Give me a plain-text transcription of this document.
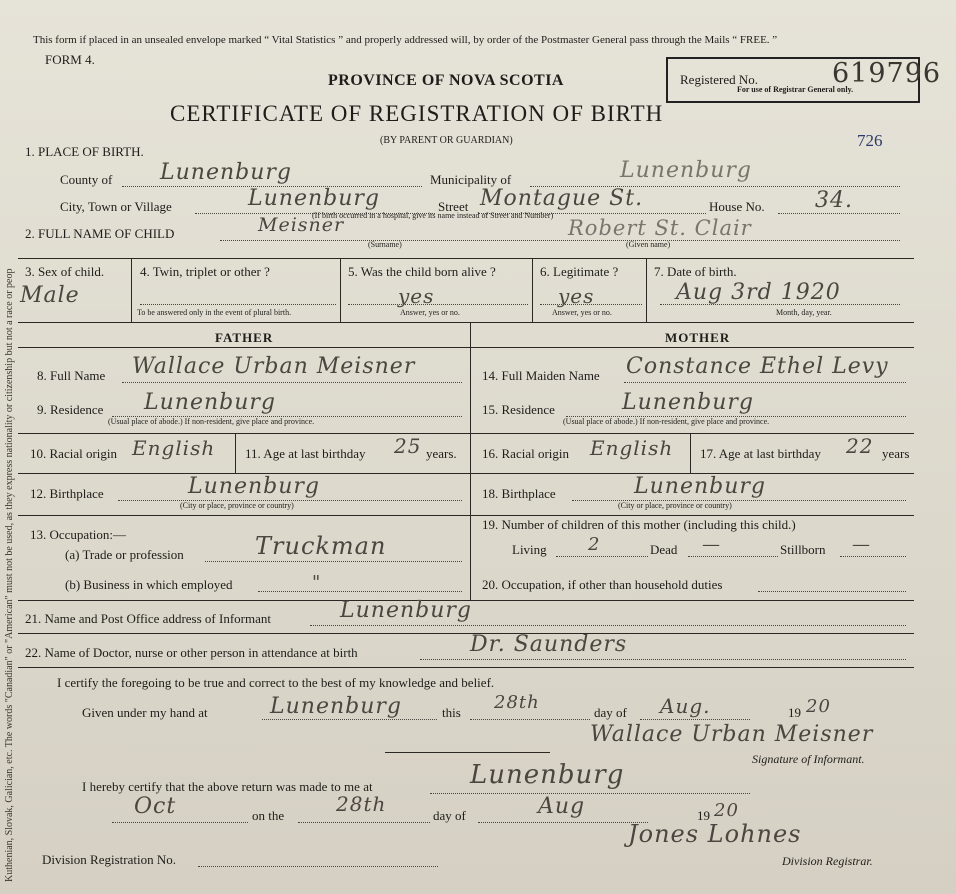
Kuthenian, Slovak, Galician, etc. The words "Canadian" or "American" must not be used, as they express nationality or citizenship but not a race or peop
This form if placed in an unsealed envelope marked “ Vital Statistics ” and properly addressed will, by order of the Postmaster General pass through the Mails “ FREE. ”
FORM 4.
PROVINCE OF NOVA SCOTIA
CERTIFICATE OF REGISTRATION OF BIRTH
(BY PARENT OR GUARDIAN)
Registered No.
For use of Registrar General only.
619796
726
1. PLACE OF BIRTH.
County of Lunenburg	Municipality of	Lunenburg
City, Town or Village	Lunenburg	Street Montague St.	House No. 34.
(If birth occurred in a hospital, give its name instead of Street and Number)
2. FULL NAME OF CHILD	Meisner	Robert St. Clair
(Surname)	(Given name)
3. Sex of child.
Male
4. Twin, triplet or other ?
To be answered only in the event of plural birth.
5. Was the child born alive ?
yes
Answer, yes or no.
6. Legitimate ?
yes
Answer, yes or no.
7. Date of birth.
Aug 3rd 1920
Month, day, year.
FATHER	MOTHER
8. Full Name Wallace Urban Meisner
9. Residence Lunenburg
(Usual place of abode.) If non-resident, give place and province.
10. Racial origin English 11. Age at last birthday 25 years.
12. Birthplace	Lunenburg
(City or place, province or country)
13. Occupation:—
(a) Trade or profession	Truckman
(b) Business in which employed	"
14. Full Maiden Name Constance Ethel Levy
15. Residence	Lunenburg
(Usual place of abode.) If non-resident, give place and province.
16. Racial origin English 17. Age at last birthday 22 years
18. Birthplace	Lunenburg
(City or place, province or country)
19. Number of children of this mother (including this child.)
Living 2	Dead —	Stillborn —
20. Occupation, if other than household duties
21. Name and Post Office address of Informant	Lunenburg
22. Name of Doctor, nurse or other person in attendance at birth	Dr. Saunders
I certify the foregoing to be true and correct to the best of my knowledge and belief.
Given under my hand at	Lunenburg	this 28th	day of Aug.	19 20
Wallace Urban Meisner
Signature of Informant.
I hereby certify that the above return was made to me at	Lunenburg
Oct	on the	28th	day of	Aug	19 20
Division Registration No.
Jones Lohnes
Division Registrar.
